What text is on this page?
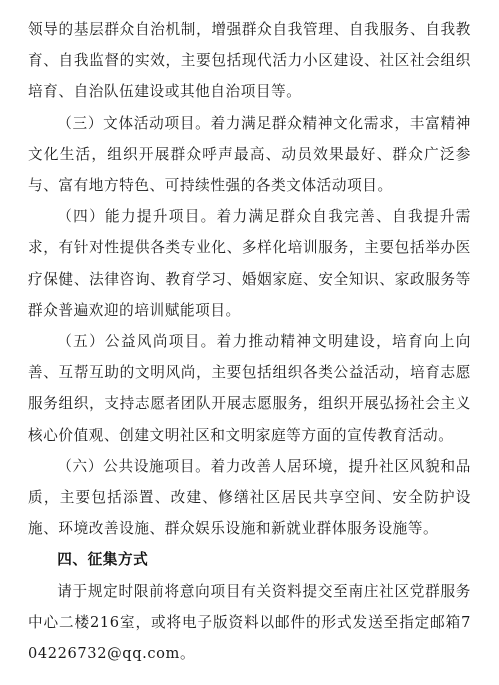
领导的基层群众自治机制，增强群众自我管理、自我服务、自我教育、自我监督的实效，主要包括现代活力小区建设、社区社会组织培育、自治队伍建设或其他自治项目等。

（三）文体活动项目。着力满足群众精神文化需求，丰富精神文化生活，组织开展群众呼声最高、动员效果最好、群众广泛参与、富有地方特色、可持续性强的各类文体活动项目。

（四）能力提升项目。着力满足群众自我完善、自我提升需求，有针对性提供各类专业化、多样化培训服务，主要包括举办医疗保健、法律咨询、教育学习、婚姻家庭、安全知识、家政服务等群众普遍欢迎的培训赋能项目。

（五）公益风尚项目。着力推动精神文明建设，培育向上向善、互帮互助的文明风尚，主要包括组织各类公益活动，培育志愿服务组织，支持志愿者团队开展志愿服务，组织开展弘扬社会主义核心价值观、创建文明社区和文明家庭等方面的宣传教育活动。

（六）公共设施项目。着力改善人居环境，提升社区风貌和品质，主要包括添置、改建、修缮社区居民共享空间、安全防护设施、环境改善设施、群众娱乐设施和新就业群体服务设施等。

四、征集方式

请于规定时限前将意向项目有关资料提交至南庄社区党群服务中心二楼216室，或将电子版资料以邮件的形式发送至指定邮箱704226732@qq.com。
